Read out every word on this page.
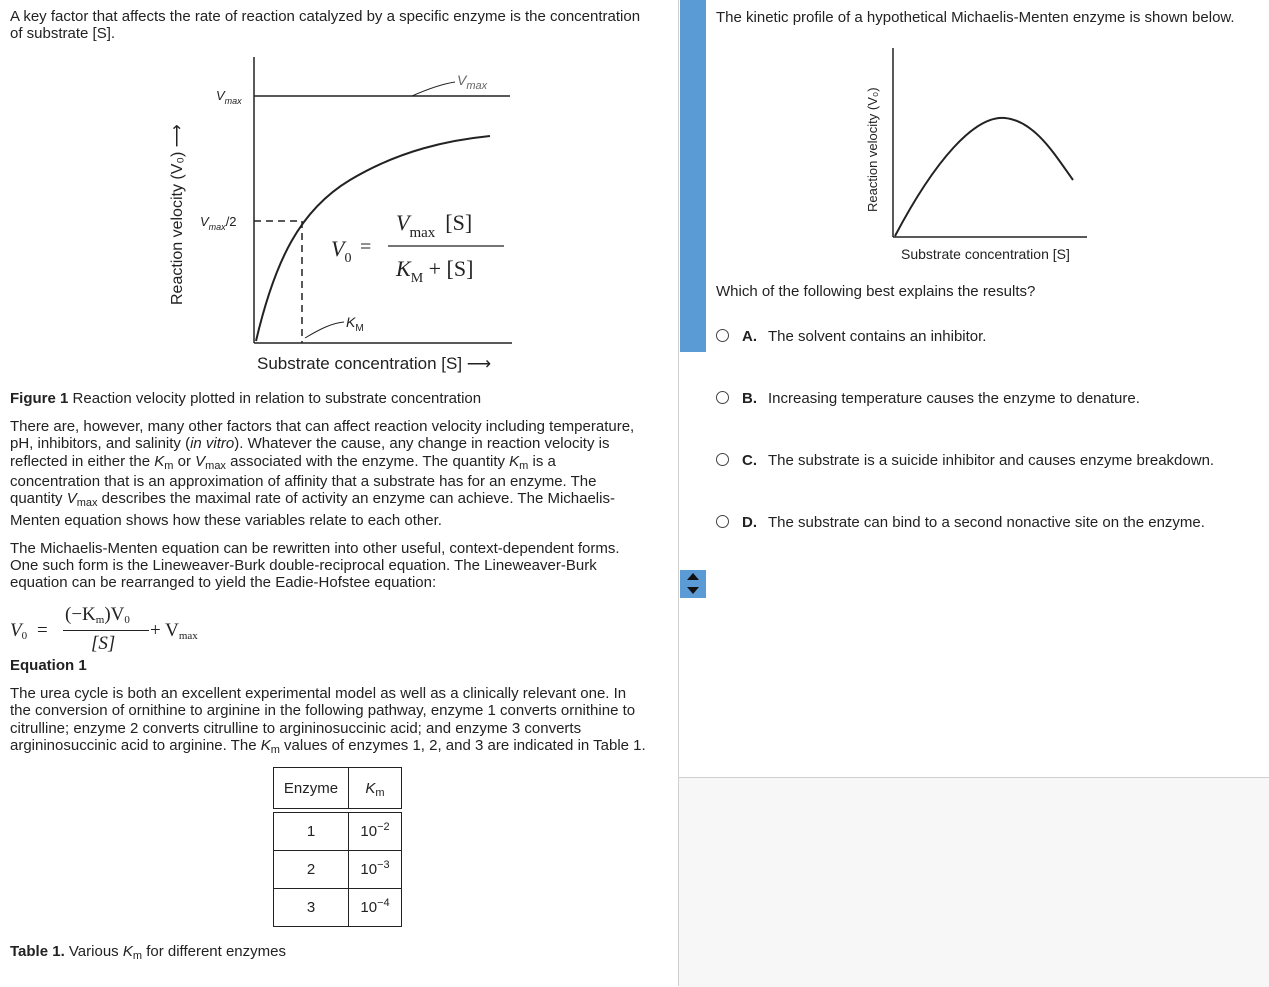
A key factor that affects the rate of reaction catalyzed by a specific enzyme is the concentration
of substrate [S].
Reaction velocity (V₀) ⟶
$V_{max}$
$V_{max}$
$V_{max}/2$
$K_M$
$V_0$
=
$V_{max}$ [S]
$K_M + [S]$
Substrate concentration [S] ⟶
Figure 1 Reaction velocity plotted in relation to substrate concentration
There are, however, many other factors that can affect reaction velocity including temperature,
pH, inhibitors, and salinity (in vitro). Whatever the cause, any change in reaction velocity is
reflected in either the $K_m$ or $V_{max}$ associated with the enzyme. The quantity $K_m$ is a
concentration that is an approximation of affinity that a substrate has for an enzyme. The
quantity $V_{max}$ describes the maximal rate of activity an enzyme can achieve. The Michaelis-
Menten equation shows how these variables relate to each other.
The Michaelis-Menten equation can be rewritten into other useful, context-dependent forms.
One such form is the Lineweaver-Burk double-reciprocal equation. The Lineweaver-Burk
equation can be rearranged to yield the Eadie-Hofstee equation:
$V_0$ =
$(-K_m)V_0$
[S]
+ $V_{max}$
Equation 1
The urea cycle is both an excellent experimental model as well as a clinically relevant one. In
the conversion of ornithine to arginine in the following pathway, enzyme 1 converts ornithine to
citrulline; enzyme 2 converts citrulline to argininosuccinic acid; and enzyme 3 converts
argininosuccinic acid to arginine. The $K_m$ values of enzymes 1, 2, and 3 are indicated in Table 1.
Enzyme	$K_m$

1	$10^{-2}$
2	$10^{-3}$
3	$10^{-4}$
Table 1. Various $K_m$ for different enzymes
The kinetic profile of a hypothetical Michaelis-Menten enzyme is shown below.
Reaction velocity (V₀)
Substrate concentration [S]
Which of the following best explains the results?
A. The solvent contains an inhibitor.
B. Increasing temperature causes the enzyme to denature.
C. The substrate is a suicide inhibitor and causes enzyme breakdown.
D. The substrate can bind to a second nonactive site on the enzyme.
